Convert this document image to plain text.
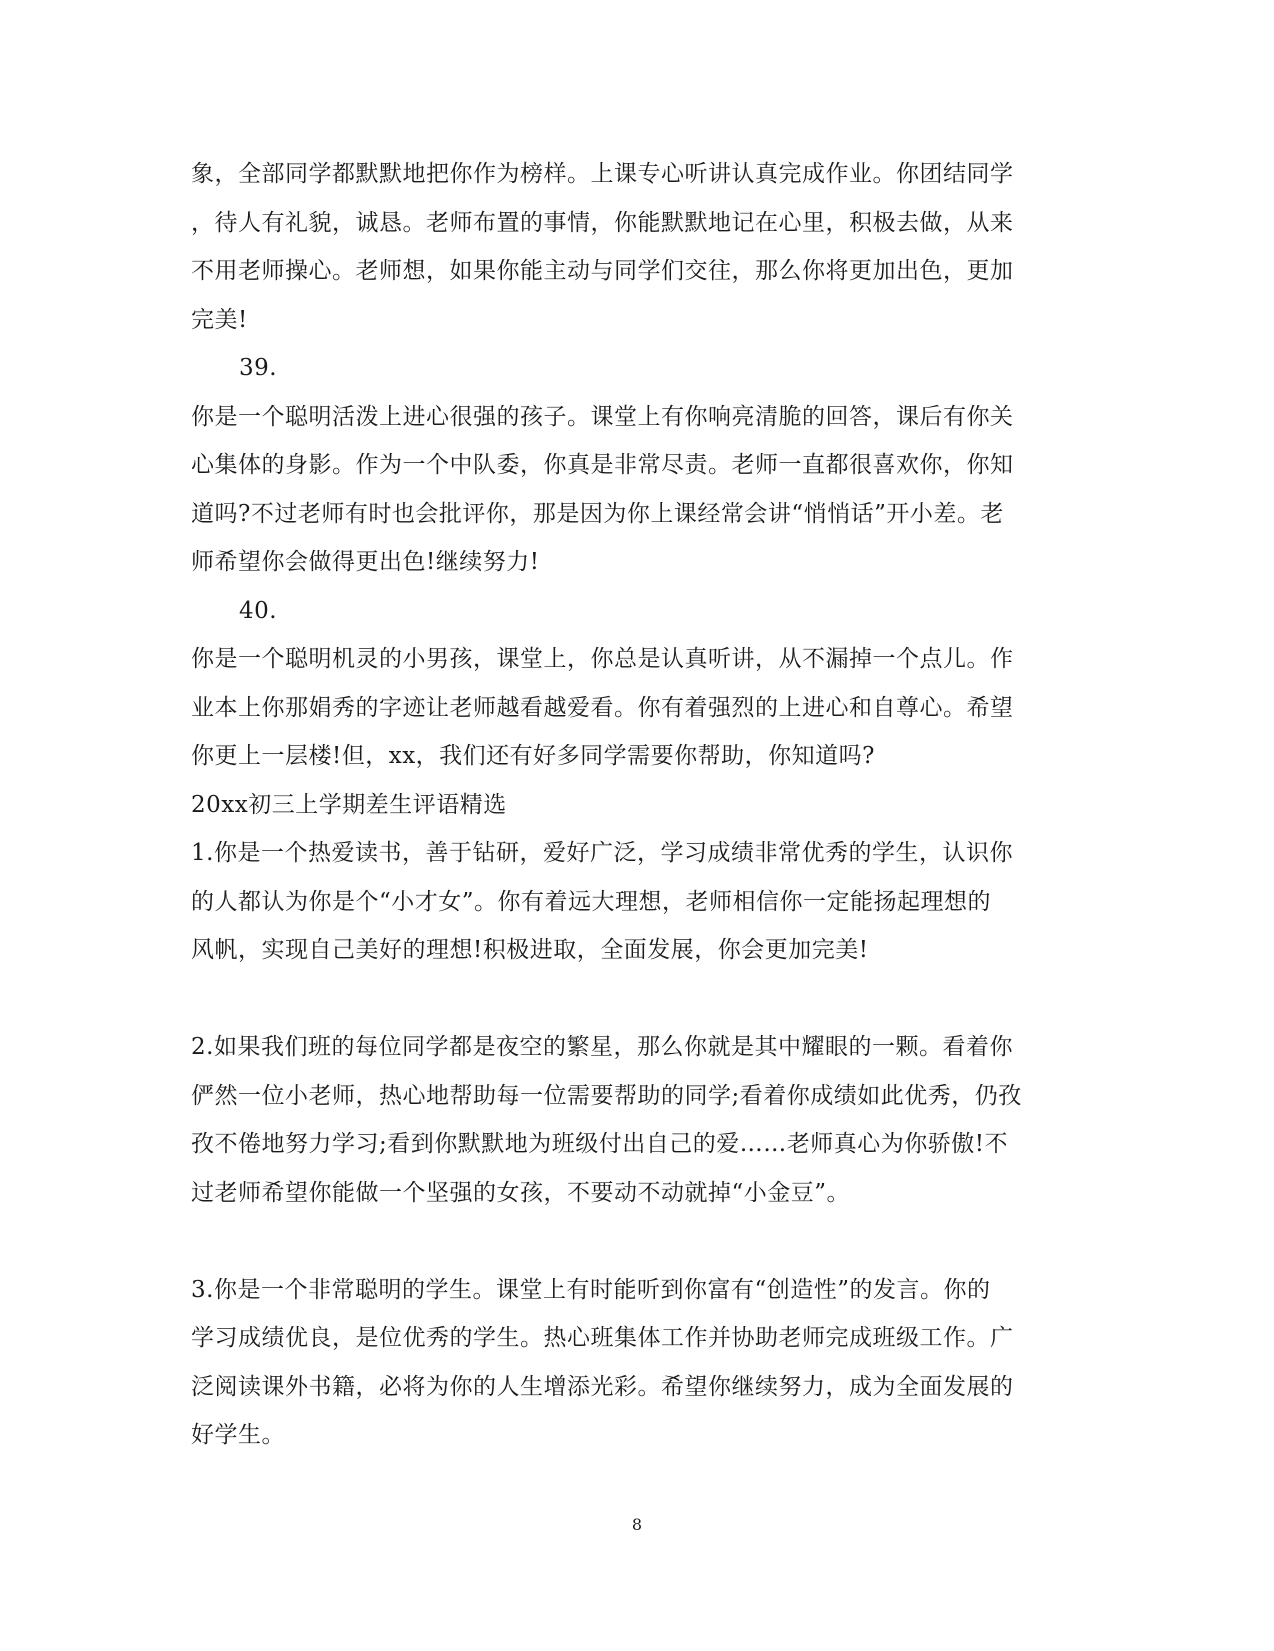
象，全部同学都默默地把你作为榜样。上课专心听讲认真完成作业。你团结同学
，待人有礼貌，诚恳。老师布置的事情，你能默默地记在心里，积极去做，从来
不用老师操心。老师想，如果你能主动与同学们交往，那么你将更加出色，更加
完美!
39.
你是一个聪明活泼上进心很强的孩子。课堂上有你响亮清脆的回答，课后有你关
心集体的身影。作为一个中队委，你真是非常尽责。老师一直都很喜欢你，你知
道吗?不过老师有时也会批评你，那是因为你上课经常会讲“悄悄话”开小差。老
师希望你会做得更出色!继续努力!
40.
你是一个聪明机灵的小男孩，课堂上，你总是认真听讲，从不漏掉一个点儿。作
业本上你那娟秀的字迹让老师越看越爱看。你有着强烈的上进心和自尊心。希望
你更上一层楼!但，xx，我们还有好多同学需要你帮助，你知道吗?
20xx初三上学期差生评语精选
1.你是一个热爱读书，善于钻研，爱好广泛，学习成绩非常优秀的学生，认识你
的人都认为你是个“小才女”。你有着远大理想，老师相信你一定能扬起理想的
风帆，实现自己美好的理想!积极进取，全面发展，你会更加完美!
2.如果我们班的每位同学都是夜空的繁星，那么你就是其中耀眼的一颗。看着你
俨然一位小老师，热心地帮助每一位需要帮助的同学;看着你成绩如此优秀，仍孜
孜不倦地努力学习;看到你默默地为班级付出自己的爱……老师真心为你骄傲!不
过老师希望你能做一个坚强的女孩，不要动不动就掉“小金豆”。
3.你是一个非常聪明的学生。课堂上有时能听到你富有“创造性”的发言。你的
学习成绩优良，是位优秀的学生。热心班集体工作并协助老师完成班级工作。广
泛阅读课外书籍，必将为你的人生增添光彩。希望你继续努力，成为全面发展的
好学生。
8
